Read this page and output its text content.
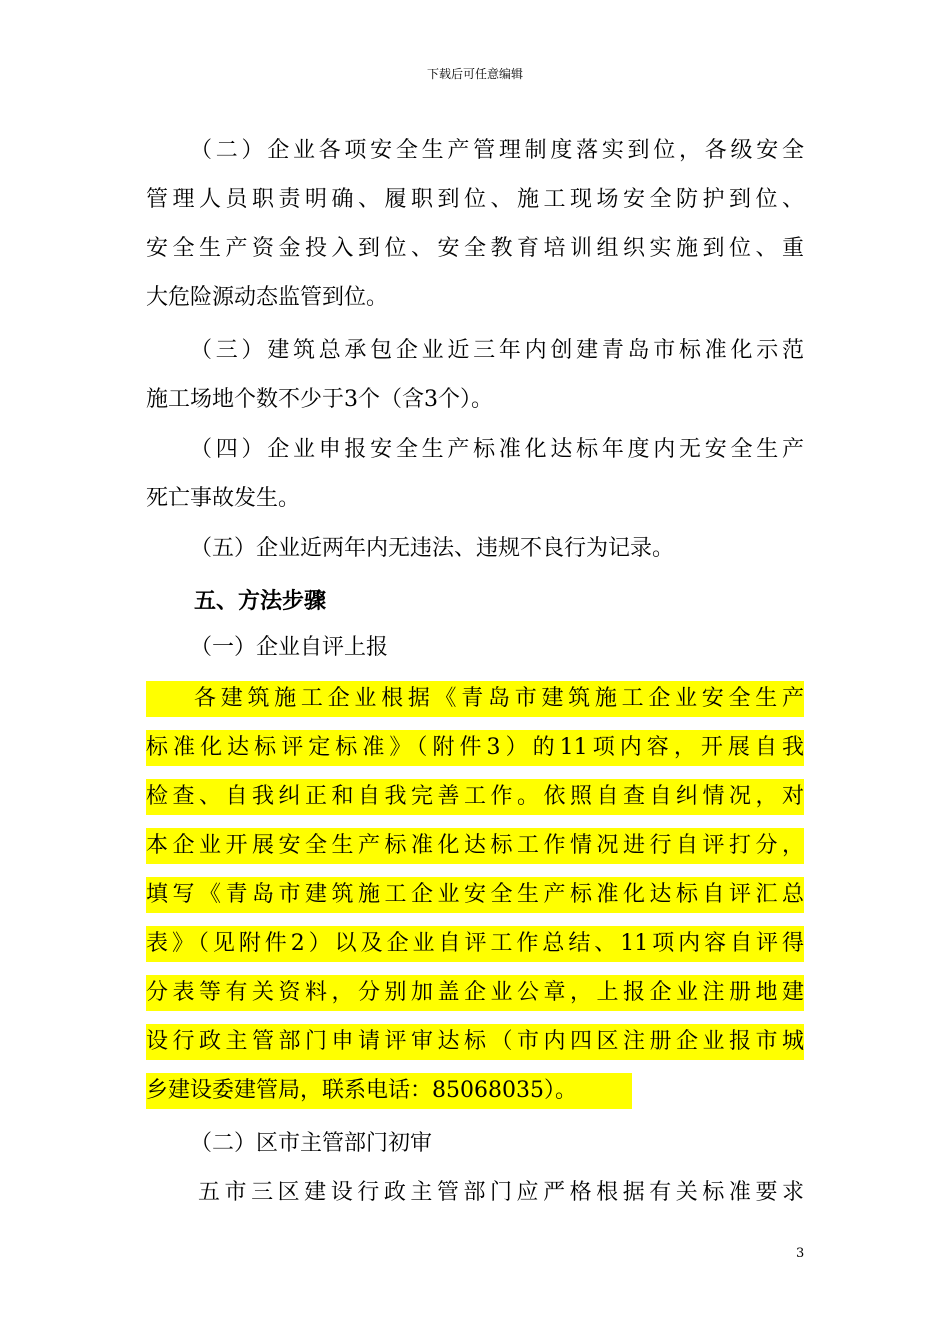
下载后可任意编辑
（二）企业各项安全生产管理制度落实到位，各级安全
管理人员职责明确、履职到位、施工现场安全防护到位、
安全生产资金投入到位、安全教育培训组织实施到位、重
大危险源动态监管到位。
（三）建筑总承包企业近三年内创建青岛市标准化示范
施工场地个数不少于3个（含3个）。
（四）企业申报安全生产标准化达标年度内无安全生产
死亡事故发生。
（五）企业近两年内无违法、违规不良行为记录。
五、方法步骤
（一）企业自评上报
各建筑施工企业根据《青岛市建筑施工企业安全生产
标准化达标评定标准》（附件3）的11项内容，开展自我
检查、自我纠正和自我完善工作。依照自查自纠情况，对
本企业开展安全生产标准化达标工作情况进行自评打分，
填写《青岛市建筑施工企业安全生产标准化达标自评汇总
表》（见附件2）以及企业自评工作总结、11项内容自评得
分表等有关资料，分别加盖企业公章，上报企业注册地建
设行政主管部门申请评审达标（市内四区注册企业报市城
乡建设委建管局，联系电话：85068035）。
（二）区市主管部门初审
五市三区建设行政主管部门应严格根据有关标准要求
3
